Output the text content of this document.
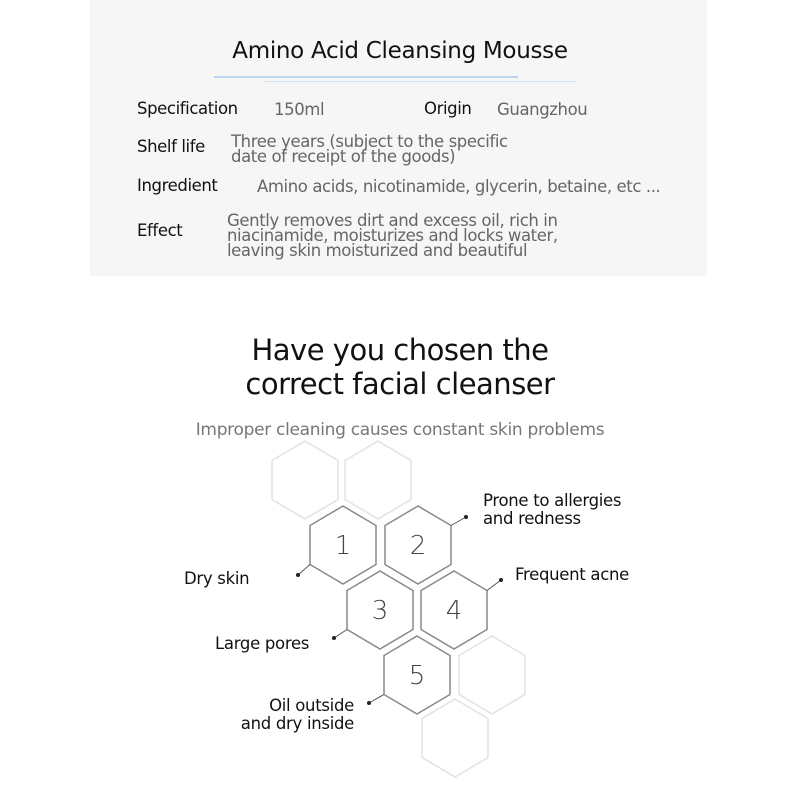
Amino Acid Cleansing Mousse
Specification 150ml	Origin Guangzhou
Shelf life Three years (subject to the specific
date of receipt of the goods)
Ingredient Amino acids, nicotinamide, glycerin, betaine, etc ...
Effect
Gently removes dirt and excess oil, rich in
niacinamide, moisturizes and locks water,
leaving skin moisturized and beautiful
Have you chosen the
correct facial cleanser
Improper cleaning causes constant skin problems
1 2
3 4
5
Dry skin
Prone to allergies
and redness
Large pores
Frequent acne
Oil outside
and dry inside
